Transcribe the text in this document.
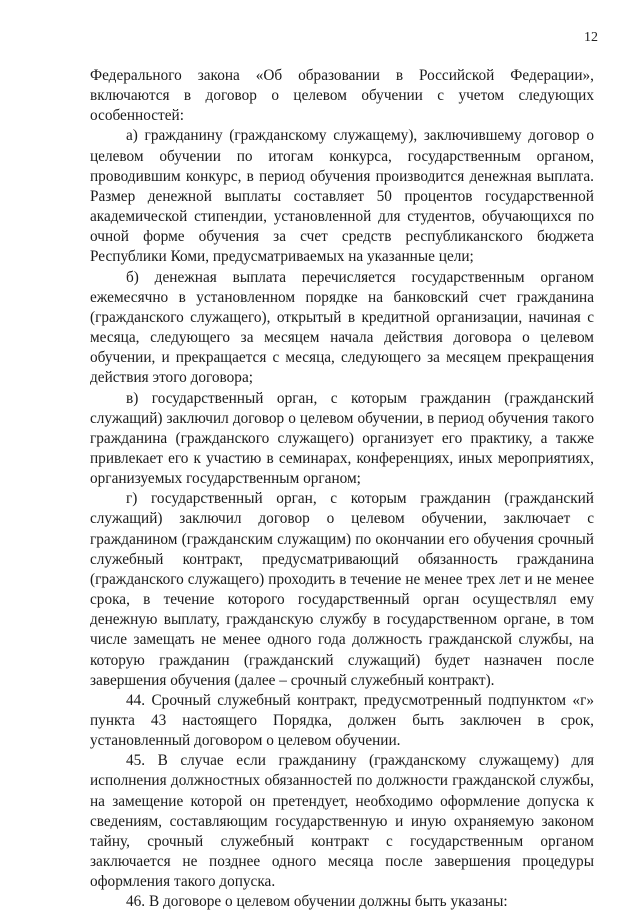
12

Федерального закона «Об образовании в Российской Федерации», включаются в договор о целевом обучении с учетом следующих особенностей:

а) гражданину (гражданскому служащему), заключившему договор о целевом обучении по итогам конкурса, государственным органом, проводившим конкурс, в период обучения производится денежная выплата. Размер денежной выплаты составляет 50 процентов государственной академической стипендии, установленной для студентов, обучающихся по очной форме обучения за счет средств республиканского бюджета Республики Коми, предусматриваемых на указанные цели;

б) денежная выплата перечисляется государственным органом ежемесячно в установленном порядке на банковский счет гражданина (гражданского служащего), открытый в кредитной организации, начиная с месяца, следующего за месяцем начала действия договора о целевом обучении, и прекращается с месяца, следующего за месяцем прекращения действия этого договора;

в) государственный орган, с которым гражданин (гражданский служащий) заключил договор о целевом обучении, в период обучения такого гражданина (гражданского служащего) организует его практику, а также привлекает его к участию в семинарах, конференциях, иных мероприятиях, организуемых государственным органом;

г) государственный орган, с которым гражданин (гражданский служащий) заключил договор о целевом обучении, заключает с гражданином (гражданским служащим) по окончании его обучения срочный служебный контракт, предусматривающий обязанность гражданина (гражданского служащего) проходить в течение не менее трех лет и не менее срока, в течение которого государственный орган осуществлял ему денежную выплату, гражданскую службу в государственном органе, в том числе замещать не менее одного года должность гражданской службы, на которую гражданин (гражданский служащий) будет назначен после завершения обучения (далее – срочный служебный контракт).

44. Срочный служебный контракт, предусмотренный подпунктом «г» пункта 43 настоящего Порядка, должен быть заключен в срок, установленный договором о целевом обучении.

45. В случае если гражданину (гражданскому служащему) для исполнения должностных обязанностей по должности гражданской службы, на замещение которой он претендует, необходимо оформление допуска к сведениям, составляющим государственную и иную охраняемую законом тайну, срочный служебный контракт с государственным органом заключается не позднее одного месяца после завершения процедуры оформления такого допуска.

46. В договоре о целевом обучении должны быть указаны:
